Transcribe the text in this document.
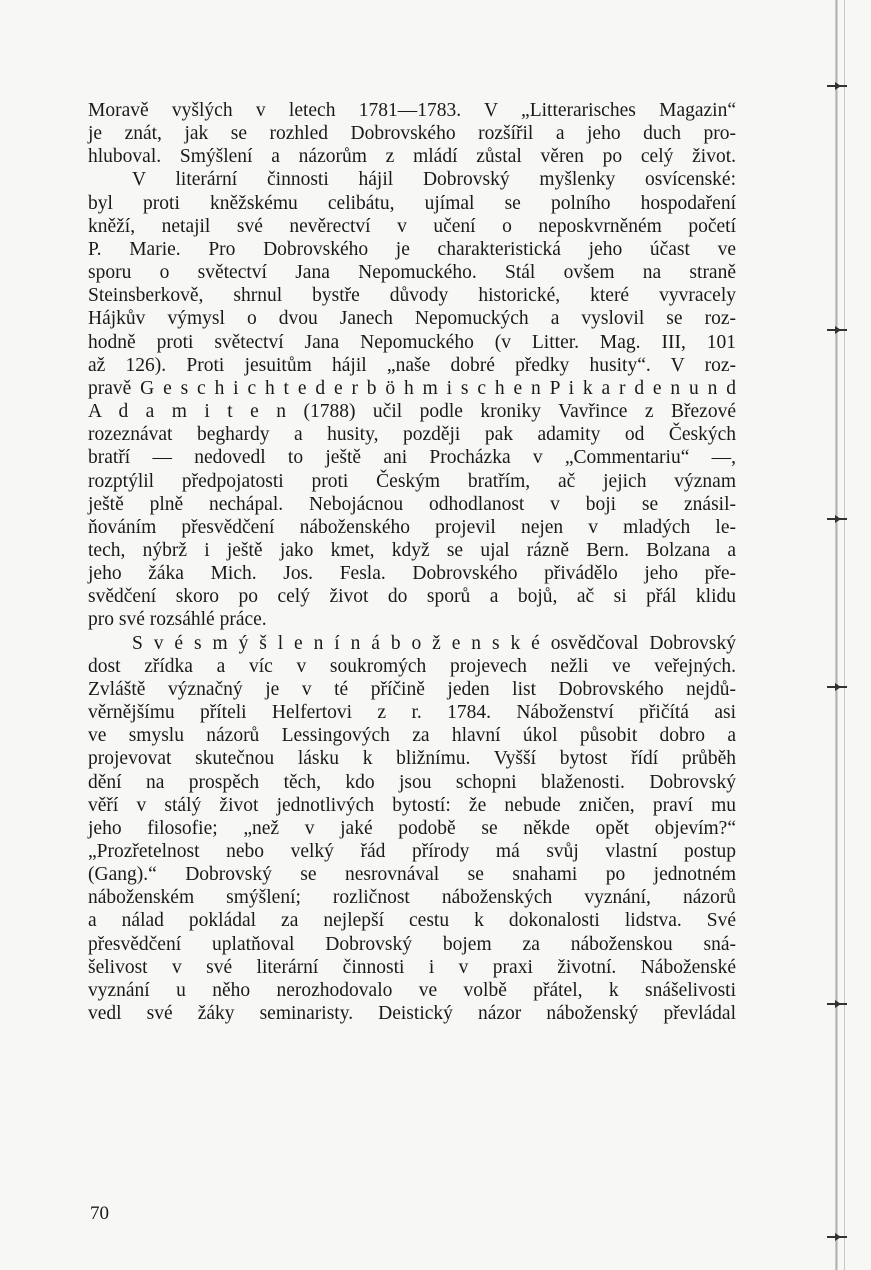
Moravě vyšlých v letech 1781—1783. V „Litterarisches Magazin“
je znát, jak se rozhled Dobrovského rozšířil a jeho duch pro-
hluboval. Smýšlení a názorům z mládí zůstal věren po celý život.
V literární činnosti hájil Dobrovský myšlenky osvícenské:
byl proti kněžskému celibátu, ujímal se polního hospodaření
kněží, netajil své nevěrectví v učení o neposkvrněném početí
P. Marie. Pro Dobrovského je charakteristická jeho účast ve
sporu o světectví Jana Nepomuckého. Stál ovšem na straně
Steinsberkově, shrnul bystře důvody historické, které vyvracely
Hájkův výmysl o dvou Janech Nepomuckých a vyslovil se roz-
hodně proti světectví Jana Nepomuckého (v Litter. Mag. III, 101
až 126). Proti jesuitům hájil „naše dobré předky husity“. V roz-
pravě G e s c h i c h t e d e r b ö h m i s c h e n P i k a r d e n u n d
A d a m i t e n (1788) učil podle kroniky Vavřince z Březové
rozeznávat beghardy a husity, později pak adamity od Českých
bratří — nedovedl to ještě ani Procházka v „Commentariu“ —,
rozptýlil předpojatosti proti Českým bratřím, ač jejich význam
ještě plně nechápal. Nebojácnou odhodlanost v boji se znásil-
ňováním přesvědčení náboženského projevil nejen v mladých le-
tech, nýbrž i ještě jako kmet, když se ujal rázně Bern. Bolzana a
jeho žáka Mich. Jos. Fesla. Dobrovského přivádělo jeho pře-
svědčení skoro po celý život do sporů a bojů, ač si přál klidu
pro své rozsáhlé práce.
S v é s m ý š l e n í n á b o ž e n s k é osvědčoval Dobrovský
dost zřídka a víc v soukromých projevech nežli ve veřejných.
Zvláště význačný je v té příčině jeden list Dobrovského nejdů-
věrnějšímu příteli Helfertovi z r. 1784. Náboženství přičítá asi
ve smyslu názorů Lessingových za hlavní úkol působit dobro a
projevovat skutečnou lásku k bližnímu. Vyšší bytost řídí průběh
dění na prospěch těch, kdo jsou schopni blaženosti. Dobrovský
věří v stálý život jednotlivých bytostí: že nebude zničen, praví mu
jeho filosofie; „než v jaké podobě se někde opět objevím?“
„Prozřetelnost nebo velký řád přírody má svůj vlastní postup
(Gang).“ Dobrovský se nesrovnával se snahami po jednotném
náboženském smýšlení; rozličnost náboženských vyznání, názorů
a nálad pokládal za nejlepší cestu k dokonalosti lidstva. Své
přesvědčení uplatňoval Dobrovský bojem za náboženskou sná-
šelivost v své literární činnosti i v praxi životní. Náboženské
vyznání u něho nerozhodovalo ve volbě přátel, k snášelivosti
vedl své žáky seminaristy. Deistický názor náboženský převládal
70
